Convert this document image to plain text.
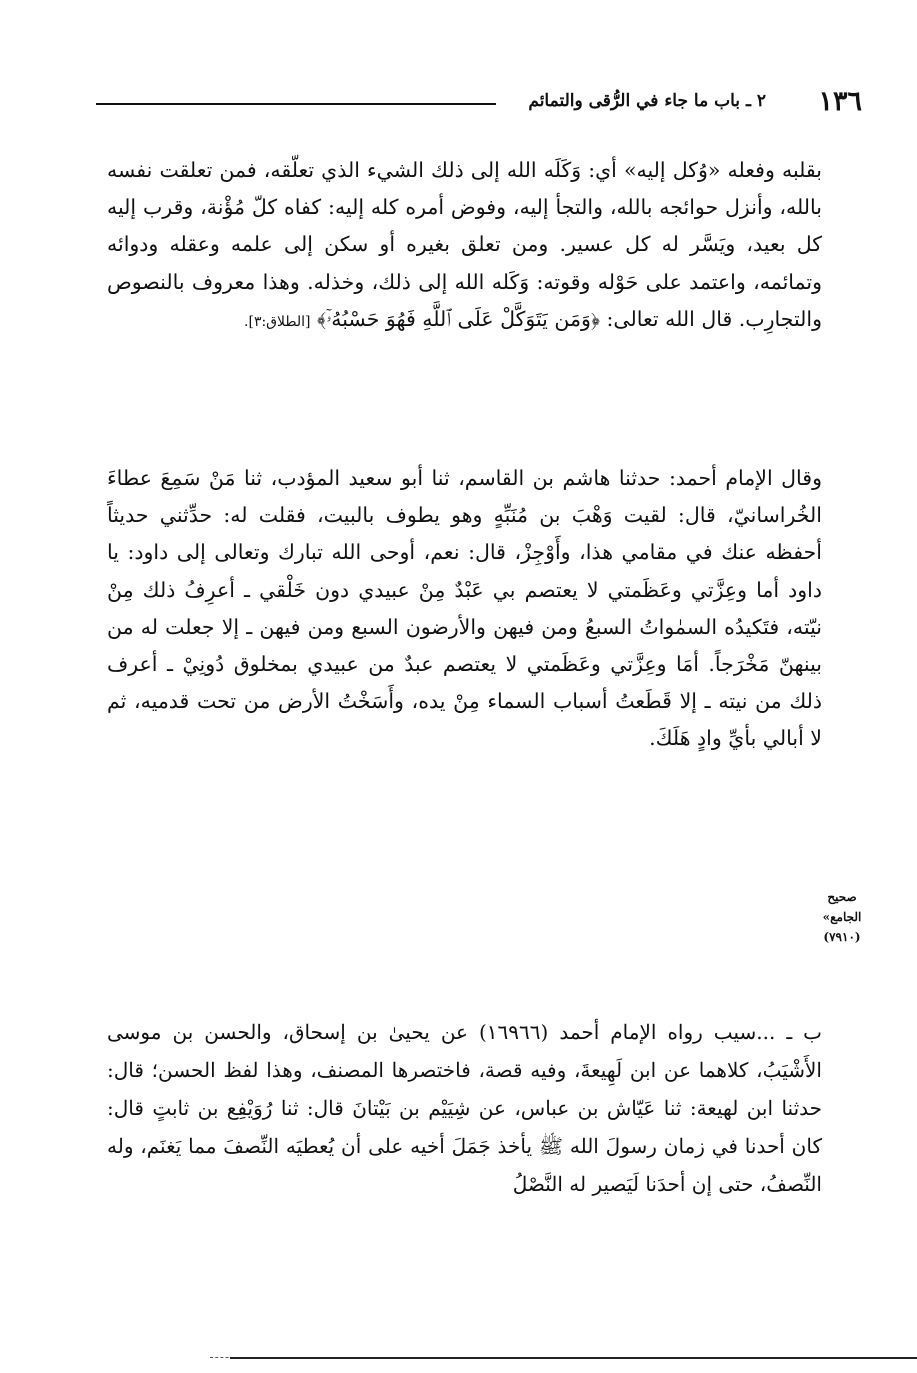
١٣٦
٢ ـ باب ما جاء في الرُّقى والتمائم

بقلبه وفعله «وُكل إليه» أي: وَكَلَه الله إلى ذلك الشيء الذي تعلّقه، فمن تعلقت نفسه بالله، وأنزل حوائجه بالله، والتجأ إليه، وفوض أمره كله إليه: كفاه كلّ مُؤْنة، وقرب إليه كل بعيد، ويَسَّر له كل عسير. ومن تعلق بغيره أو سكن إلى علمه وعقله ودوائه وتمائمه، واعتمد على حَوْله وقوته: وَكَله الله إلى ذلك، وخذله. وهذا معروف بالنصوص والتجارِب. قال الله تعالى: ﴿وَمَن يَتَوَكَّلْ عَلَى ٱللَّهِ فَهُوَ حَسْبُهُۥٓ﴾ [الطلاق:٣].

وقال الإمام أحمد: حدثنا هاشم بن القاسم، ثنا أبو سعيد المؤدب، ثنا مَنْ سَمِعَ عطاءَ الخُراسانيّ، قال: لقيت وَهْبَ بن مُنَبِّهٍ وهو يطوف بالبيت، فقلت له: حدِّثني حديثاً أحفظه عنك في مقامي هذا، وأَوْجِزْ، قال: نعم، أوحى الله تبارك وتعالى إلى داود: يا داود أما وعِزَّتي وعَظَمتي لا يعتصم بي عَبْدٌ مِنْ عبيدي دون خَلْقي ـ أعرِفُ ذلك مِنْ نيّته، فتَكيدُه السمٰواتُ السبعُ ومن فيهن والأرضون السبع ومن فيهن ـ إلا جعلت له من بينهنّ مَخْرَجاً. أمَا وعِزَّتي وعَظَمتي لا يعتصم عبدٌ من عبيدي بمخلوق دُونِيْ ـ أعرف ذلك من نيته ـ إلا قَطَعتُ أسباب السماء مِنْ يده، وأَسَخْتُ الأرض من تحت قدميه، ثم لا أبالي بأيِّ وادٍ هَلَكَ.

صحيح
الجامع»
(٧٩١٠)

ب ـ ...سيب رواه الإمام أحمد (١٦٩٦٦) عن يحيىٰ بن إسحاق، والحسن بن موسى الأَشْيَبُ، كلاهما عن ابن لَهِيعةَ، وفيه قصة، فاختصرها المصنف، وهذا لفظ الحسن؛ قال: حدثنا ابن لهيعة: ثنا عَيّاش بن عباس، عن شِيَيْم بن بَيْتانَ قال: ثنا رُوَيْفِع بن ثابتٍ قال: كان أحدنا في زمان رسولَ الله ﷺ يأخذ جَمَلَ أخيه على أن يُعطيَه النِّصفَ مما يَغنَم، وله النِّصفُ، حتى إن أحدَنا لَيَصير له النَّصْلُ
